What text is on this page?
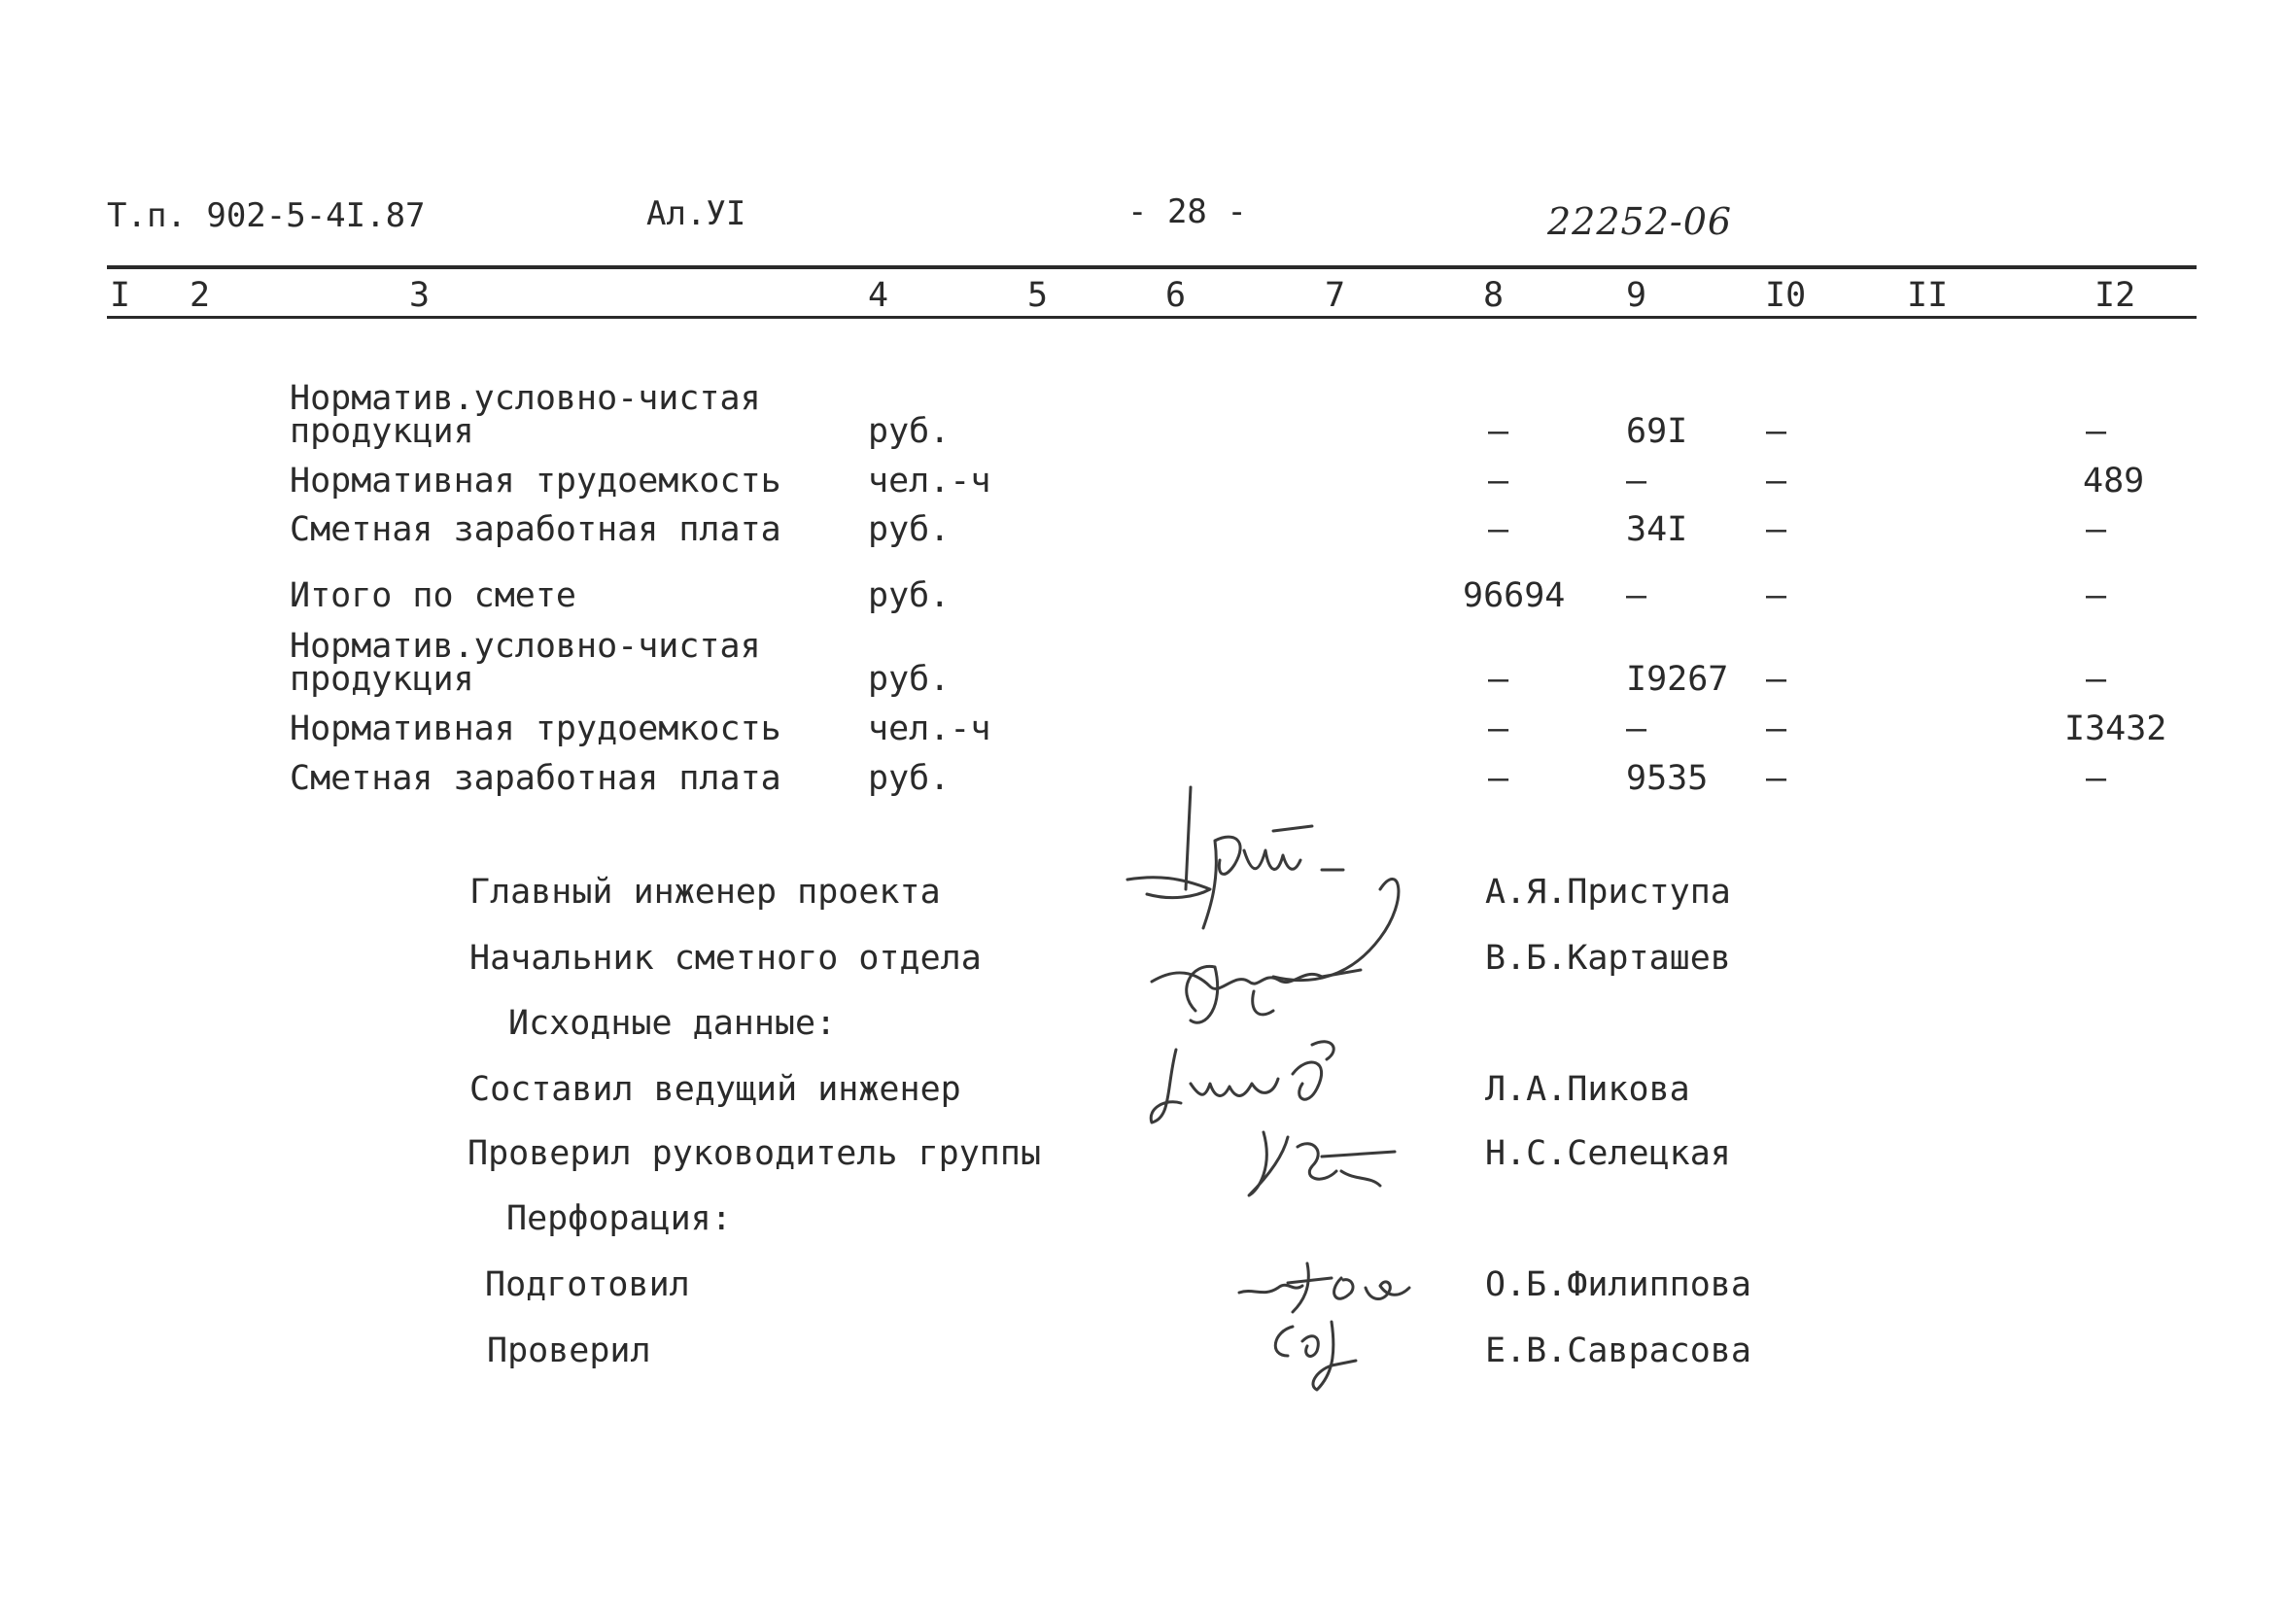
Т.п. 902-5-4I.87	Ал.УI	- 28 -	22252-06
I 2	3	4	5	6	7	8	9	I0	II	I2
Норматив.условно-чистая
продукция	руб.	–	69I –	–
Нормативная трудоемкость	чел.-ч	–	–	–	489
Сметная заработная плата	руб.	–	34I –	–
Итого по смете	руб.	96694 –	–	–
Норматив.условно-чистая
продукция	руб.	–	I9267 –	–
Нормативная трудоемкость	чел.-ч	–	–	–	I3432
Сметная заработная плата	руб.	–	9535 –	–
Главный инженер проекта	А.Я.Приступа
Начальник сметного отдела	В.Б.Карташев
Исходные данные:
Составил ведущий инженер	Л.А.Пикова
Проверил руководитель группы	Н.С.Селецкая
Перфорация:
Подготовил	О.Б.Филиппова
Проверил	Е.В.Саврасова
